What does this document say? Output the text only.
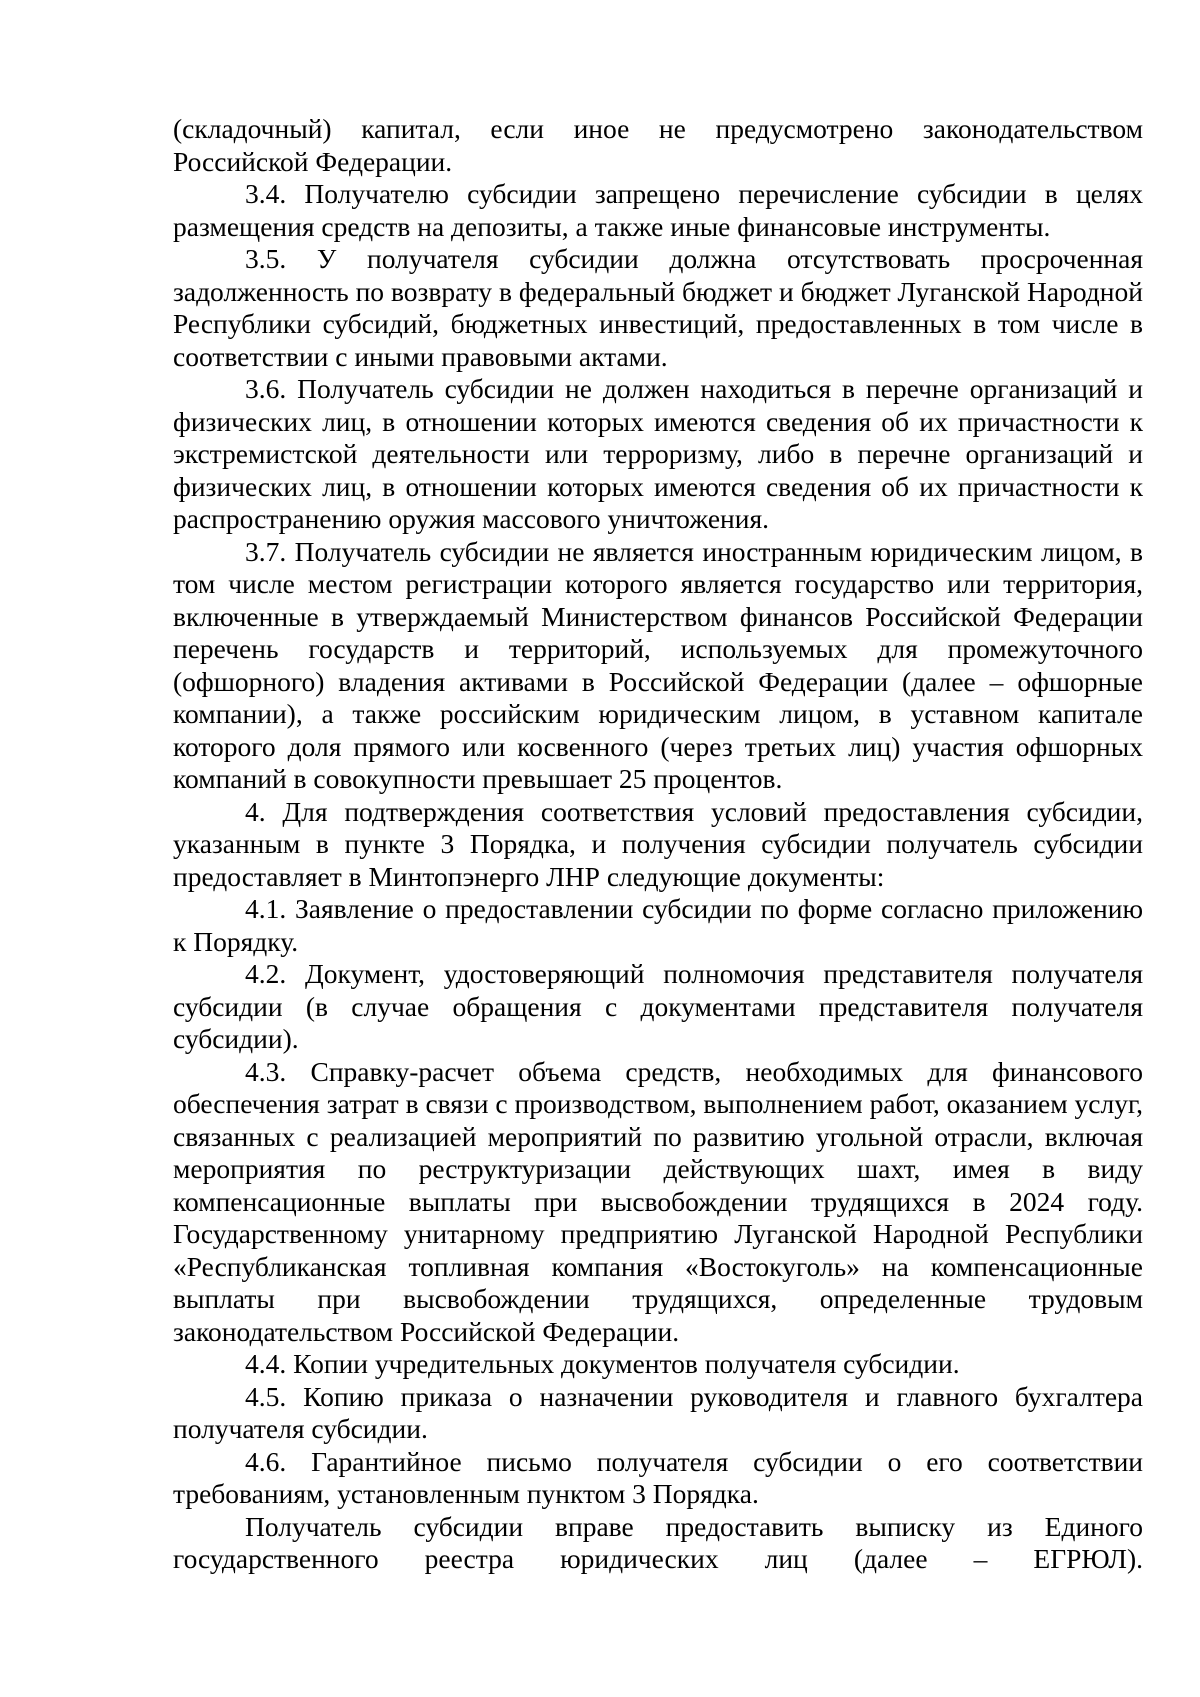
(складочный) капитал, если иное не предусмотрено законодательством Российской Федерации.

3.4. Получателю субсидии запрещено перечисление субсидии в целях размещения средств на депозиты, а также иные финансовые инструменты.

3.5. У получателя субсидии должна отсутствовать просроченная задолженность по возврату в федеральный бюджет и бюджет Луганской Народной Республики субсидий, бюджетных инвестиций, предоставленных в том числе в соответствии с иными правовыми актами.

3.6. Получатель субсидии не должен находиться в перечне организаций и физических лиц, в отношении которых имеются сведения об их причастности к экстремистской деятельности или терроризму, либо в перечне организаций и физических лиц, в отношении которых имеются сведения об их причастности к распространению оружия массового уничтожения.

3.7. Получатель субсидии не является иностранным юридическим лицом, в том числе местом регистрации которого является государство или территория, включенные в утверждаемый Министерством финансов Российской Федерации перечень государств и территорий, используемых для промежуточного (офшорного) владения активами в Российской Федерации (далее – офшорные компании), а также российским юридическим лицом, в уставном капитале которого доля прямого или косвенного (через третьих лиц) участия офшорных компаний в совокупности превышает 25 процентов.

4. Для подтверждения соответствия условий предоставления субсидии, указанным в пункте 3 Порядка, и получения субсидии получатель субсидии предоставляет в Минтопэнерго ЛНР следующие документы:

4.1. Заявление о предоставлении субсидии по форме согласно приложению к Порядку.

4.2. Документ, удостоверяющий полномочия представителя получателя субсидии (в случае обращения с документами представителя получателя субсидии).

4.3. Справку-расчет объема средств, необходимых для финансового обеспечения затрат в связи с производством, выполнением работ, оказанием услуг, связанных с реализацией мероприятий по развитию угольной отрасли, включая мероприятия по реструктуризации действующих шахт, имея в виду компенсационные выплаты при высвобождении трудящихся в 2024 году. Государственному унитарному предприятию Луганской Народной Республики «Республиканская топливная компания «Востокуголь» на компенсационные выплаты при высвобождении трудящихся, определенные трудовым законодательством Российской Федерации.

4.4. Копии учредительных документов получателя субсидии.

4.5. Копию приказа о назначении руководителя и главного бухгалтера получателя субсидии.

4.6. Гарантийное письмо получателя субсидии о его соответствии требованиям, установленным пунктом 3 Порядка.

Получатель субсидии вправе предоставить выписку из Единого государственного реестра юридических лиц (далее – ЕГРЮЛ).
